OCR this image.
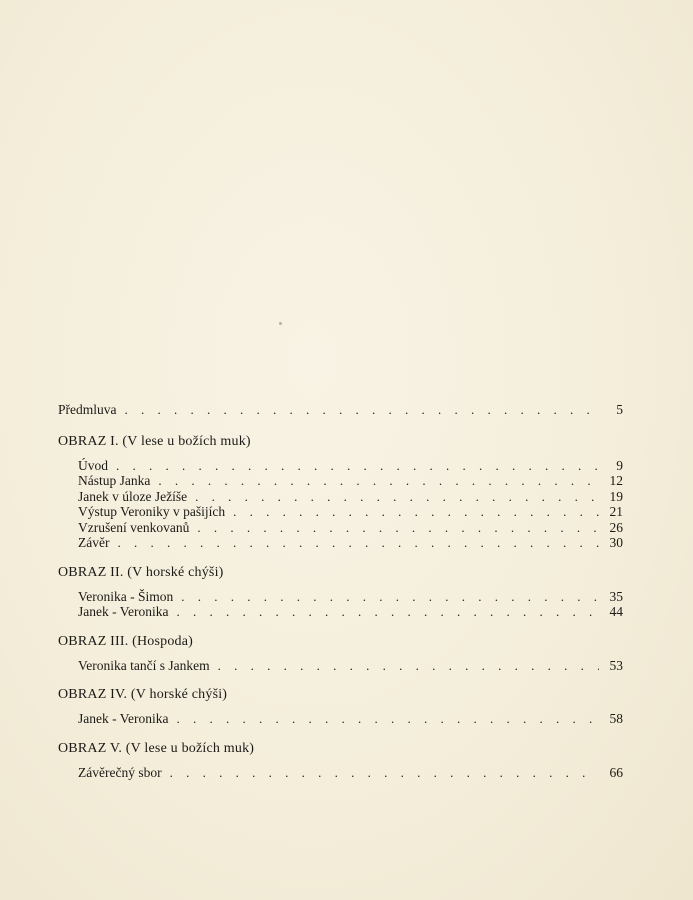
Předmluva . . .	5
OBRAZ I. (V lese u božích muk)
Úvod . . .	9
Nástup Janka . . .	12
Janek v úloze Ježíše . . .	19
Výstup Veroniky v pašijích . . .	21
Vzrušení venkovanů . . .	26
Závěr . . .	30
OBRAZ II. (V horské chýši)
Veronika - Šimon . . .	35
Janek - Veronika . . .	44
OBRAZ III. (Hospoda)
Veronika tančí s Jankem . . .	53
OBRAZ IV. (V horské chýši)
Janek - Veronika . . .	58
OBRAZ V. (V lese u božích muk)
Závěrečný sbor . . .	66
